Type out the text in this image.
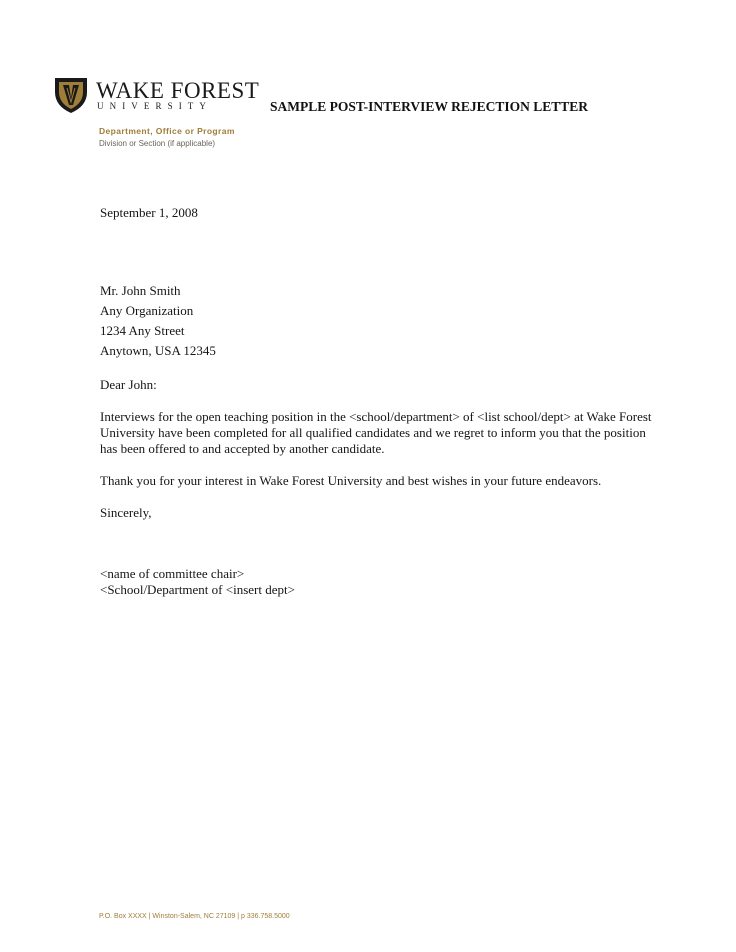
WAKE FOREST
UNIVERSITY	SAMPLE POST-INTERVIEW REJECTION LETTER
Department, Office or Program
Division or Section (if applicable)

September 1, 2008

Mr. John Smith

Any Organization

1234 Any Street

Anytown, USA 12345

Dear John:

Interviews for the open teaching position in the <school/department> of <list school/dept> at Wake Forest University have been completed for all qualified candidates and we regret to inform you that the position has been offered to and accepted by another candidate.

Thank you for your interest in Wake Forest University and best wishes in your future endeavors.

Sincerely,

<name of committee chair>

<School/Department of <insert dept>

P.O. Box XXXX | Winston-Salem, NC 27109 | p 336.758.5000
